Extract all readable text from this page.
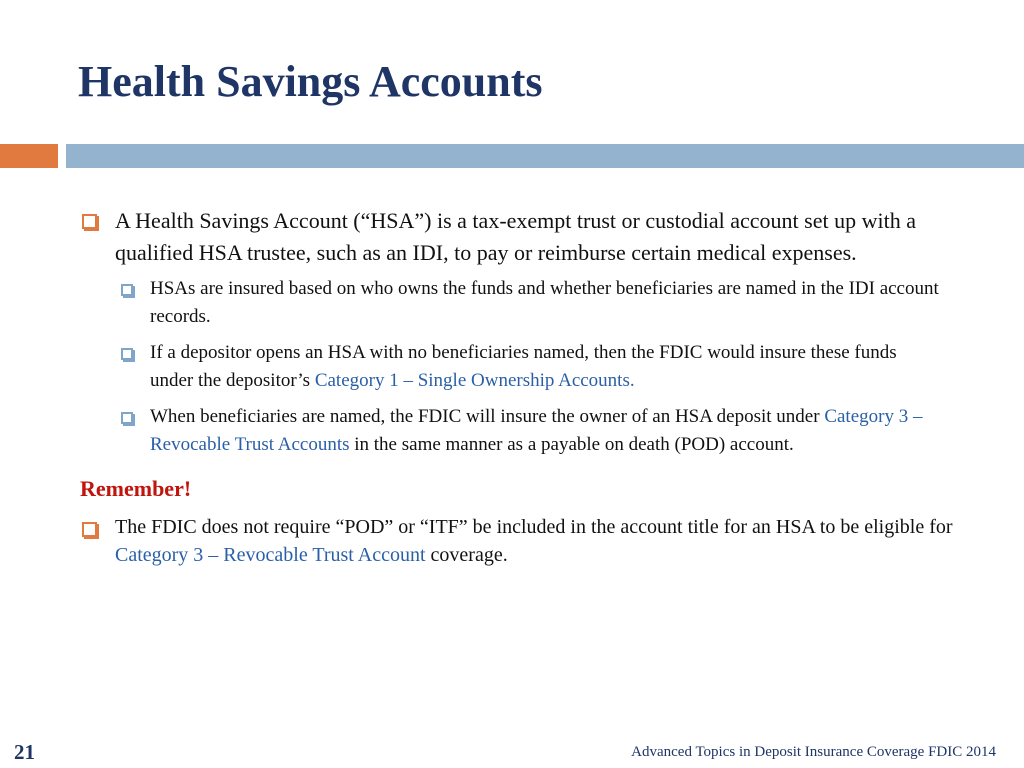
Health Savings Accounts
A Health Savings Account (“HSA”) is a tax-exempt trust or custodial account set up with a qualified HSA trustee, such as an IDI, to pay or reimburse certain medical expenses.
HSAs are insured based on who owns the funds and whether beneficiaries are named in the IDI account records.
If a depositor opens an HSA with no beneficiaries named, then the FDIC would insure these funds under the depositor’s Category 1 – Single Ownership Accounts.
When beneficiaries are named, the FDIC will insure the owner of an HSA deposit under Category 3 – Revocable Trust Accounts in the same manner as a payable on death (POD) account.
Remember!
The FDIC does not require “POD” or “ITF” be included in the account title for an HSA to be eligible for Category 3 – Revocable Trust Account coverage.
21	Advanced Topics in Deposit Insurance Coverage FDIC 2014
